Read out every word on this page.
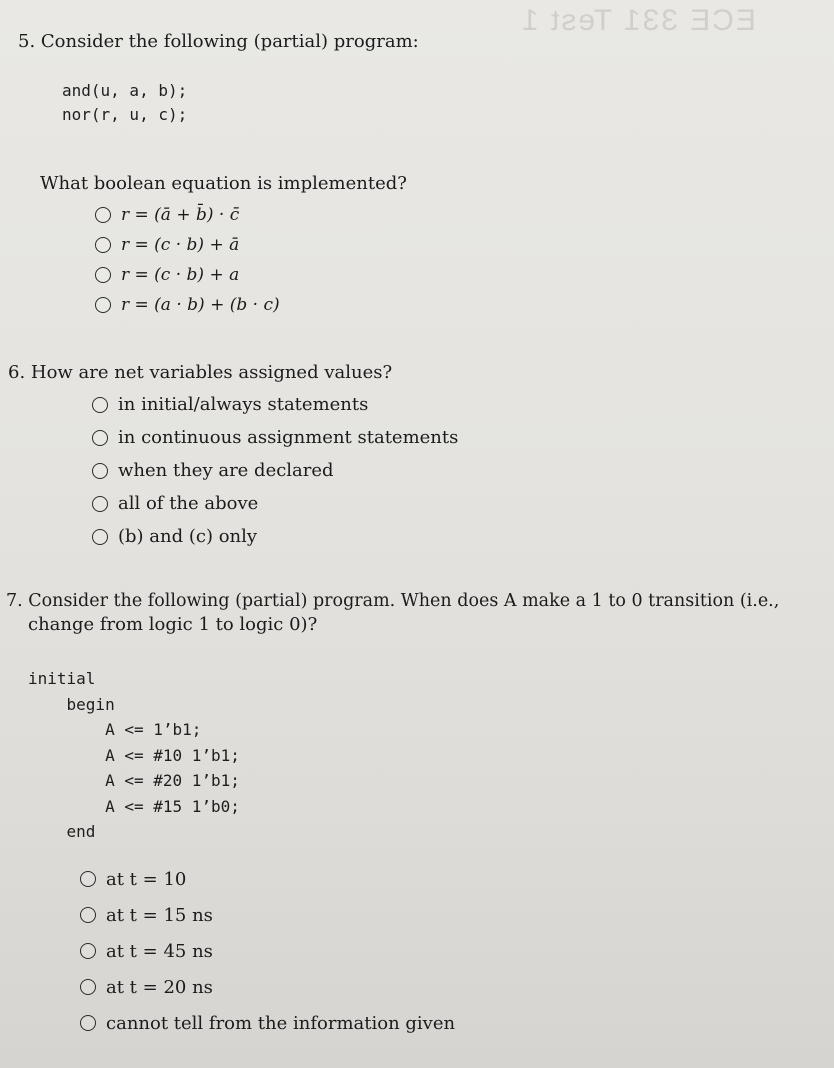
ECE 331 Test 1
5. Consider the following (partial) program:
and(u, a, b);
nor(r, u, c);
What boolean equation is implemented?
r = (ā + b̄) · c̄
r = (c · b) + ā
r = (c · b) + a
r = (a · b) + (b · c)
6. How are net variables assigned values?
in initial/always statements
in continuous assignment statements
when they are declared
all of the above
(b) and (c) only
7. Consider the following (partial) program. When does A make a 1 to 0 transition (i.e.,
change from logic 1 to logic 0)?
initial
begin
A <= 1’b1;
A <= #10 1’b1;
A <= #20 1’b1;
A <= #15 1’b0;
end
at t = 10
at t = 15 ns
at t = 45 ns
at t = 20 ns
cannot tell from the information given
